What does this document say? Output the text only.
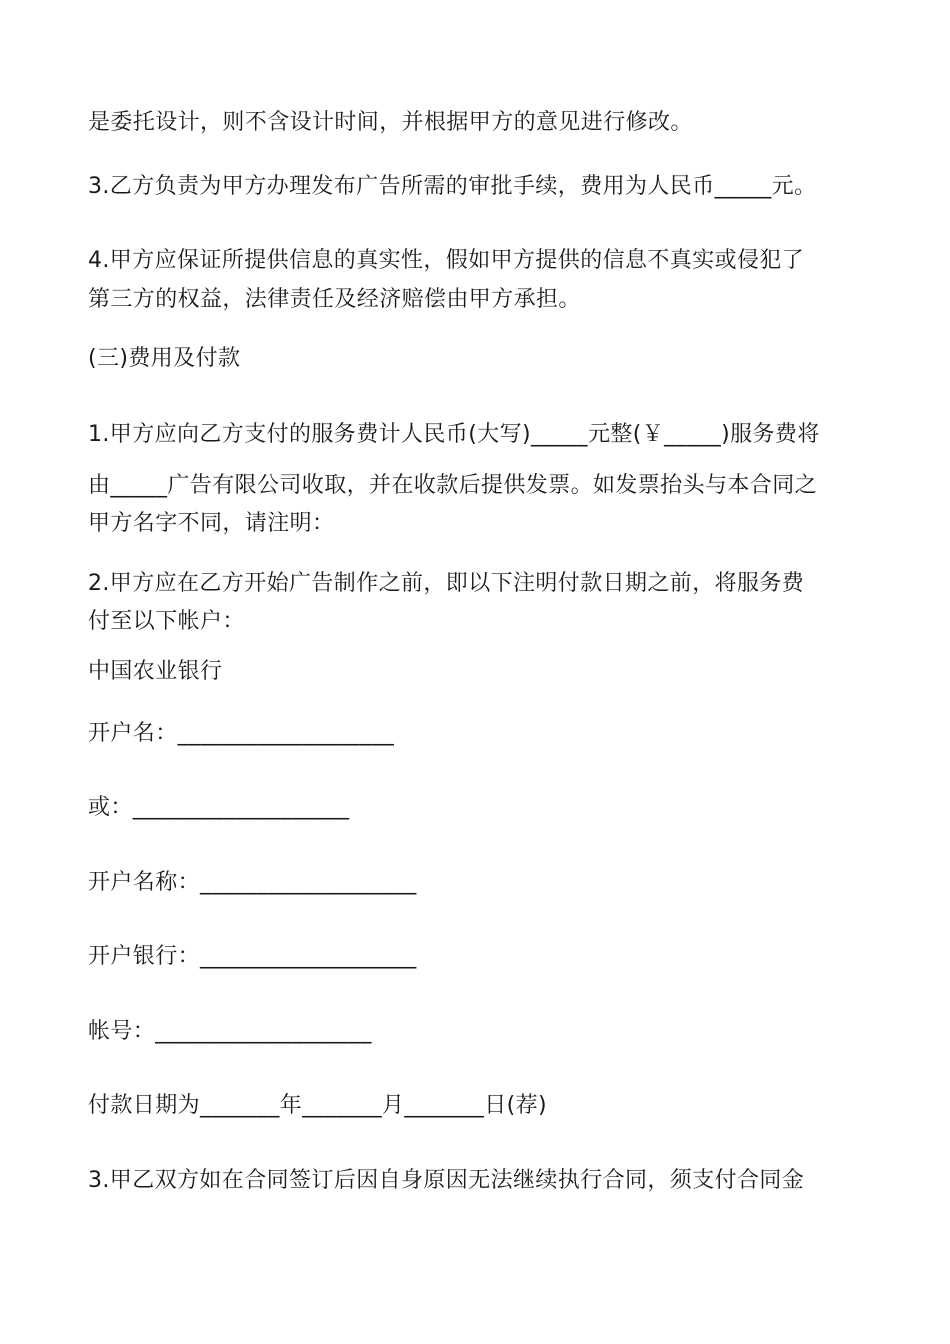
是委托设计，则不含设计时间，并根据甲方的意见进行修改。
3.乙方负责为甲方办理发布广告所需的审批手续，费用为人民币_____元。
4.甲方应保证所提供信息的真实性，假如甲方提供的信息不真实或侵犯了
第三方的权益，法律责任及经济赔偿由甲方承担。
(三)费用及付款
1.甲方应向乙方支付的服务费计人民币(大写)_____元整(￥_____)服务费将
由_____广告有限公司收取，并在收款后提供发票。如发票抬头与本合同之
甲方名字不同，请注明：
2.甲方应在乙方开始广告制作之前，即以下注明付款日期之前，将服务费
付至以下帐户：
中国农业银行
开户名：___________________
或：___________________
开户名称：___________________
开户银行：___________________
帐号：___________________
付款日期为_______年_______月_______日(荐)
3.甲乙双方如在合同签订后因自身原因无法继续执行合同，须支付合同金
